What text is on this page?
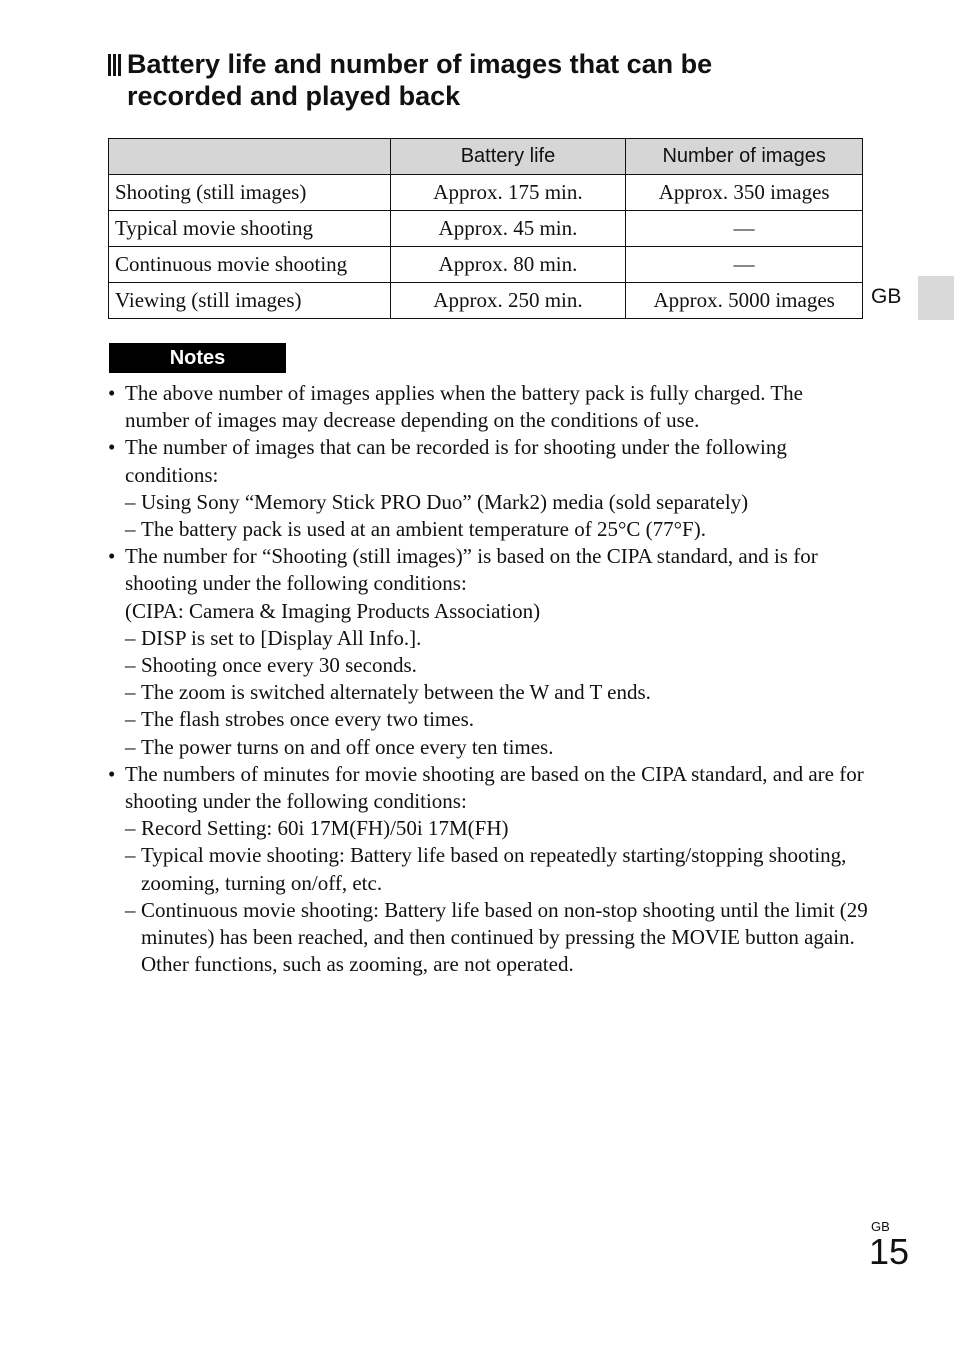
Battery life and number of images that can be
recorded and played back
	Battery life	Number of images
Shooting (still images)	Approx. 175 min.	Approx. 350 images
Typical movie shooting	Approx. 45 min.	—
Continuous movie shooting	Approx. 80 min.	—
Viewing (still images)	Approx. 250 min.	Approx. 5000 images GB
Notes
• The above number of images applies when the battery pack is fully charged. The number of images may decrease depending on the conditions of use.
• The number of images that can be recorded is for shooting under the following conditions:
– Using Sony “Memory Stick PRO Duo” (Mark2) media (sold separately)
– The battery pack is used at an ambient temperature of 25°C (77°F).
• The number for “Shooting (still images)” is based on the CIPA standard, and is for shooting under the following conditions:
(CIPA: Camera & Imaging Products Association)
– DISP is set to [Display All Info.].
– Shooting once every 30 seconds.
– The zoom is switched alternately between the W and T ends.
– The flash strobes once every two times.
– The power turns on and off once every ten times.
• The numbers of minutes for movie shooting are based on the CIPA standard, and are for shooting under the following conditions:
– Record Setting: 60i 17M(FH)/50i 17M(FH)
– Typical movie shooting: Battery life based on repeatedly starting/stopping shooting, zooming, turning on/off, etc.
– Continuous movie shooting: Battery life based on non-stop shooting until the limit (29 minutes) has been reached, and then continued by pressing the MOVIE button again. Other functions, such as zooming, are not operated.
GB
15
